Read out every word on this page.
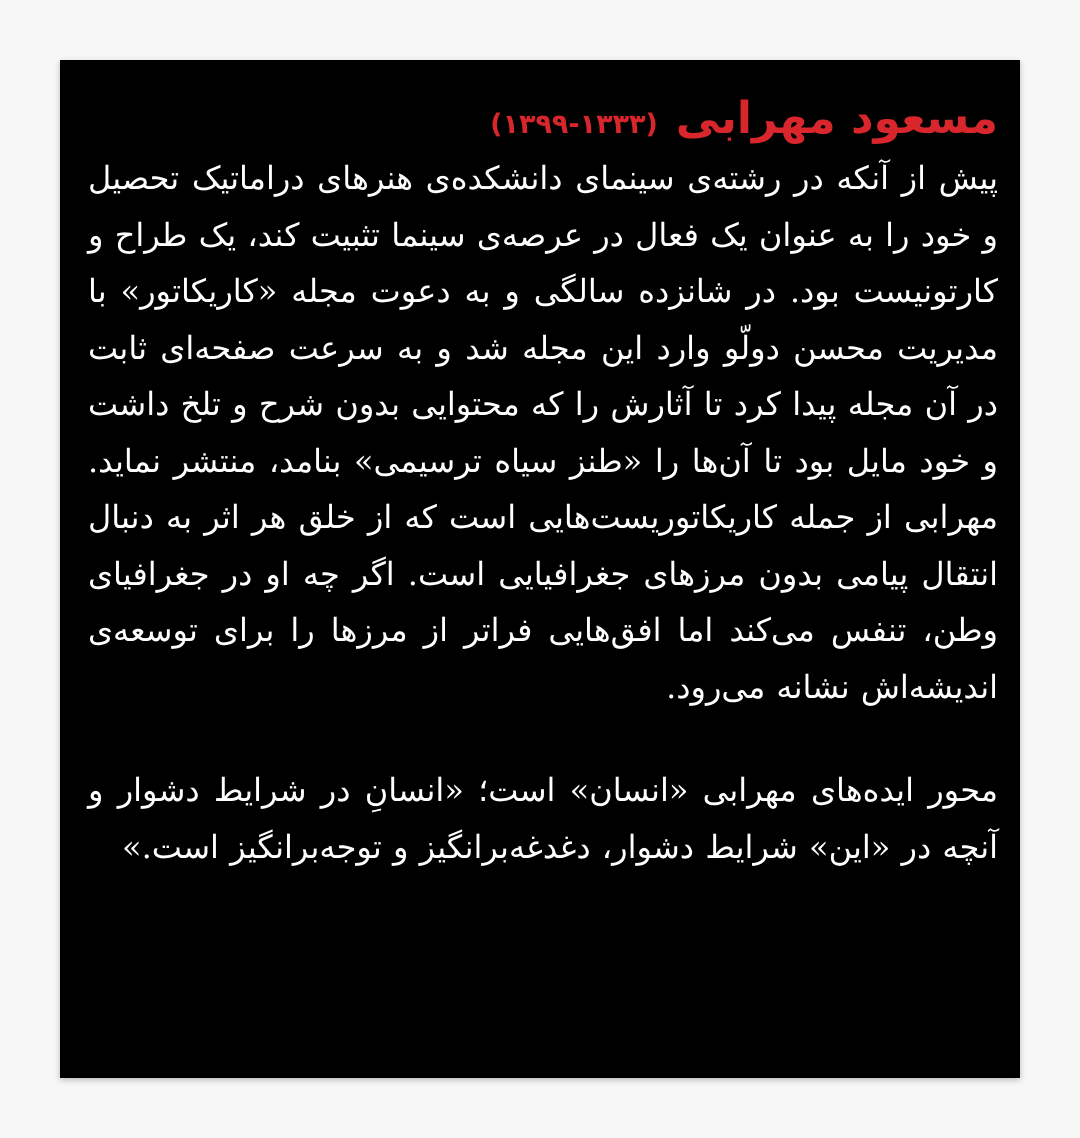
مسعود مهرابی
(۱۳۹۹-۱۳۳۳)

پیش از آنکه در رشته‌ی سینمای دانشکده‌ی هنرهای دراماتیک تحصیل و خود را به عنوان یک فعال در عرصه‌ی سینما تثبیت کند، یک طراح و کارتونیست بود. در شانزده سالگی و به دعوت مجله «کاریکاتور» با مدیریت محسن دولّو وارد این مجله شد و به سرعت صفحه‌ای ثابت در آن مجله پیدا کرد تا آثارش را که محتوایی بدون شرح و تلخ داشت و خود مایل بود تا آن‌ها را «طنز سیاه ترسیمی» بنامد، منتشر نماید. مهرابی از جمله کاریکاتوریست‌هایی است که از خلق هر اثر به دنبال انتقال پیامی بدون مرزهای جغرافیایی است. اگر چه او در جغرافیای وطن، تنفس می‌کند اما افق‌هایی فراتر از مرزها را برای توسعه‌ی اندیشه‌اش نشانه می‌رود.

محور ایده‌های مهرابی «انسان» است؛ «انسانِ در شرایط دشوار و آنچه در «این» شرایط دشوار، دغدغه‌برانگیز و توجه‌برانگیز است.»
